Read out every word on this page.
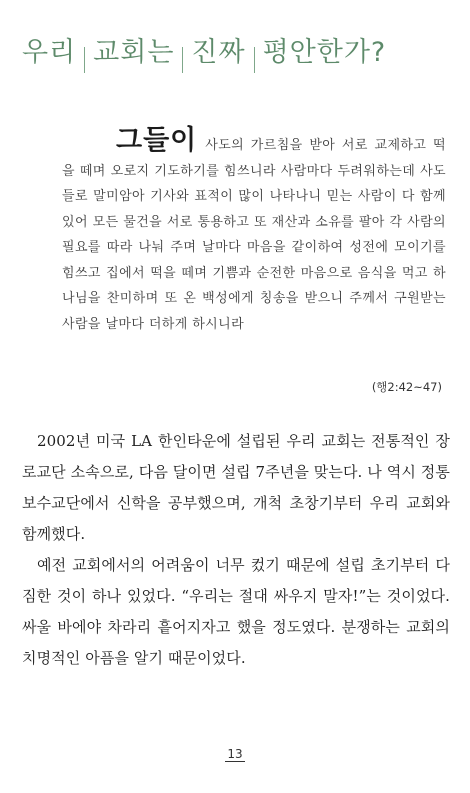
우리 교회는 진짜 평안한가?
그들이 사도의 가르침을 받아 서로 교제하고 떡을 떼며 오로지 기도하기를 힘쓰니라 사람마다 두려워하는데 사도들로 말미암아 기사와 표적이 많이 나타나니 믿는 사람이 다 함께 있어 모든 물건을 서로 통용하고 또 재산과 소유를 팔아 각 사람의 필요를 따라 나눠 주며 날마다 마음을 같이하여 성전에 모이기를 힘쓰고 집에서 떡을 떼며 기쁨과 순전한 마음으로 음식을 먹고 하나님을 찬미하며 또 온 백성에게 칭송을 받으니 주께서 구원받는 사람을 날마다 더하게 하시니라
(행2:42~47)

2002년 미국 LA 한인타운에 설립된 우리 교회는 전통적인 장로교단 소속으로, 다음 달이면 설립 7주년을 맞는다. 나 역시 정통 보수교단에서 신학을 공부했으며, 개척 초창기부터 우리 교회와 함께했다.

예전 교회에서의 어려움이 너무 컸기 때문에 설립 초기부터 다짐한 것이 하나 있었다. “우리는 절대 싸우지 말자!”는 것이었다. 싸울 바에야 차라리 흩어지자고 했을 정도였다. 분쟁하는 교회의 치명적인 아픔을 알기 때문이었다.

13
